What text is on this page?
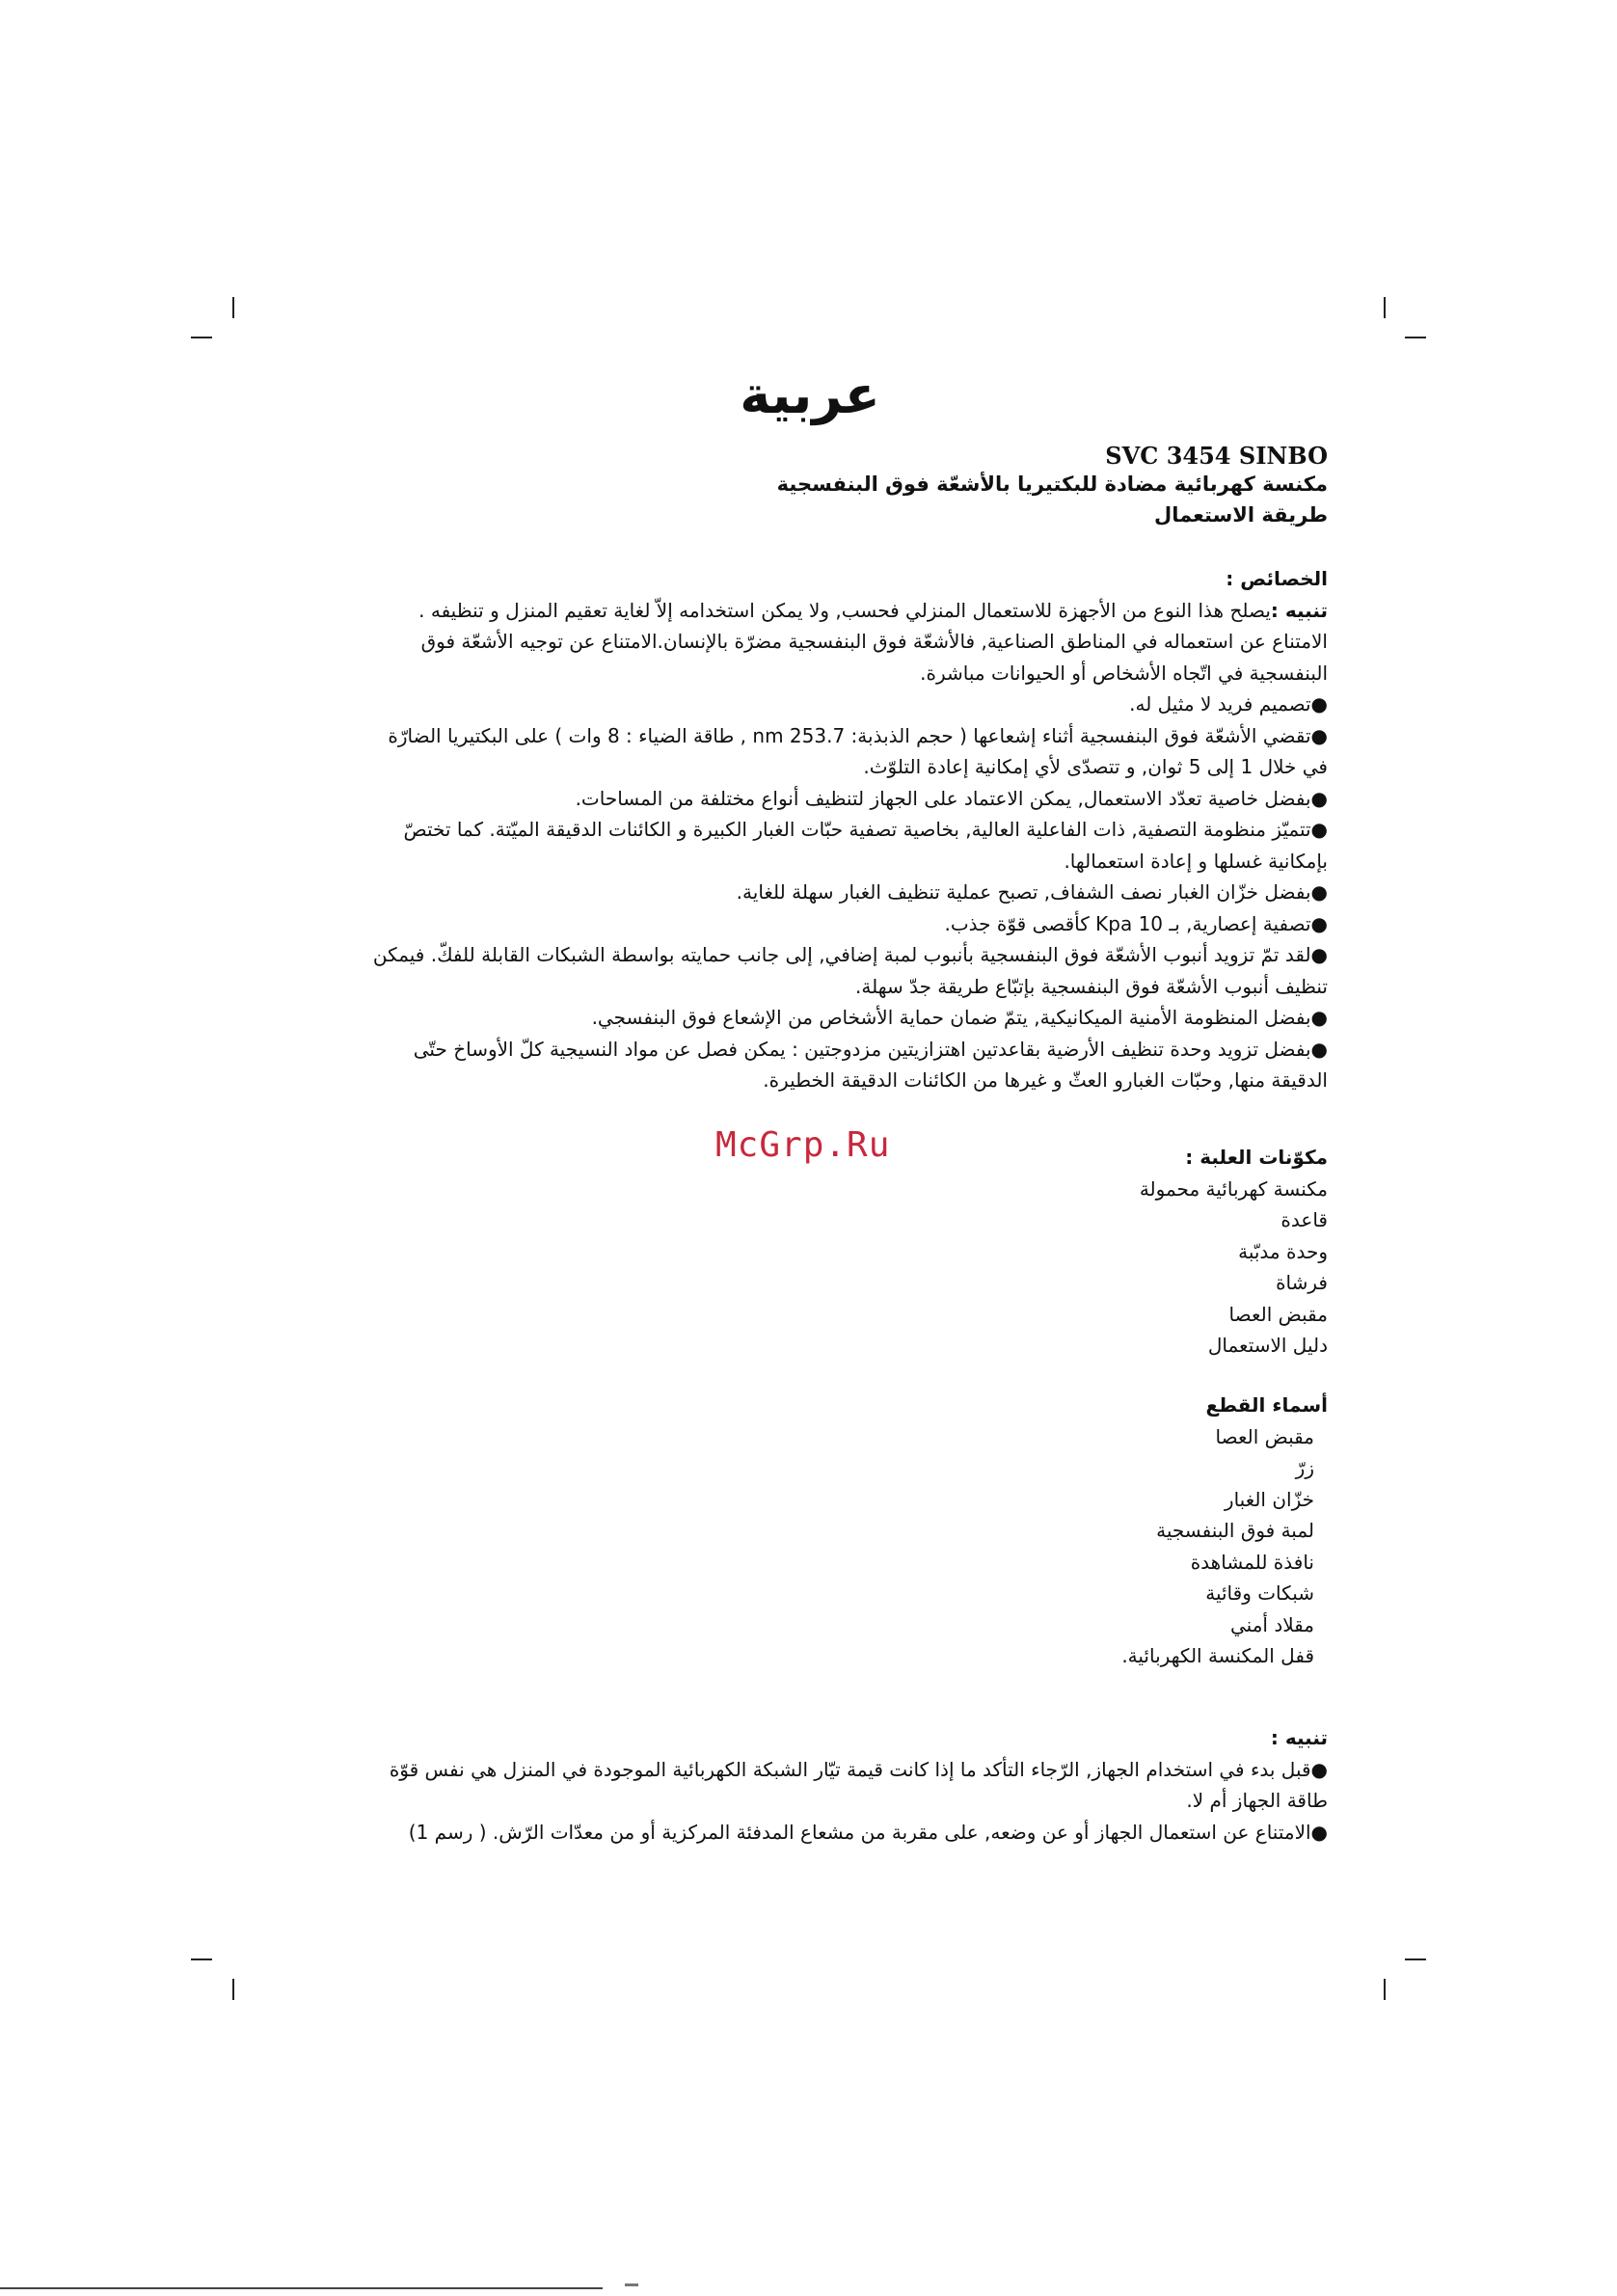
عربية
SVC 3454 SINBO
مكنسة كهربائية مضادة للبكتيريا بالأشعّة فوق البنفسجية
طريقة الاستعمال

الخصائص :

تنبيه :يصلح هذا النوع من الأجهزة للاستعمال المنزلي فحسب, ولا يمكن استخدامه إلاّ لغاية تعقيم المنزل و تنظيفه . الامتناع عن استعماله في المناطق الصناعية, فالأشعّة فوق البنفسجية مضرّة بالإنسان.الامتناع عن توجيه الأشعّة فوق البنفسجية في اتّجاه الأشخاص أو الحيوانات مباشرة.

●تصميم فريد لا مثيل له.
●تقضي الأشعّة فوق البنفسجية أثناء إشعاعها ( حجم الذبذبة: nm 253.7 , طاقة الضياء : 8 وات ) على البكتيريا الضارّة في خلال 1 إلى 5 ثوان, و تتصدّى لأي إمكانية إعادة التلوّث.
●بفضل خاصية تعدّد الاستعمال, يمكن الاعتماد على الجهاز لتنظيف أنواع مختلفة من المساحات.
●تتميّز منظومة التصفية, ذات الفاعلية العالية, بخاصية تصفية حبّات الغبار الكبيرة و الكائنات الدقيقة الميّتة. كما تختصّ بإمكانية غسلها و إعادة استعمالها.
●بفضل خزّان الغبار نصف الشفاف, تصبح عملية تنظيف الغبار سهلة للغاية.
●تصفية إعصارية, بـ Kpa 10 كأقصى قوّة جذب.
●لقد تمّ تزويد أنبوب الأشعّة فوق البنفسجية بأنبوب لمبة إضافي, إلى جانب حمايته بواسطة الشبكات القابلة للفكّ. فيمكن تنظيف أنبوب الأشعّة فوق البنفسجية بإتبّاع طريقة جدّ سهلة.
●بفضل المنظومة الأمنية الميكانيكية, يتمّ ضمان حماية الأشخاص من الإشعاع فوق البنفسجي.
●بفضل تزويد وحدة تنظيف الأرضية بقاعدتين اهتزازيتين مزدوجتين : يمكن فصل عن مواد النسيجية كلّ الأوساخ حتّى الدقيقة منها, وحبّات الغبارو العثّ و غيرها من الكائنات الدقيقة الخطيرة.
McGrp.Ru	مكوّنات العلبة :

مكنسة كهربائية محمولة
قاعدة
وحدة مدبّبة
فرشاة
مقبض العصا
دليل الاستعمال

أسماء القطع

مقبض العصا
زرّ
خزّان الغبار
لمبة فوق البنفسجية
نافذة للمشاهدة
شبكات وقائية
مقلاد أمني
قفل المكنسة الكهربائية.

تنبيه :

●قبل بدء في استخدام الجهاز, الرّجاء التأكد ما إذا كانت قيمة تيّار الشبكة الكهربائية الموجودة في المنزل هي نفس قوّة طاقة الجهاز أم لا.
●الامتناع عن استعمال الجهاز أو عن وضعه, على مقربة من مشعاع المدفئة المركزية أو من معدّات الرّش. ( رسم 1)
